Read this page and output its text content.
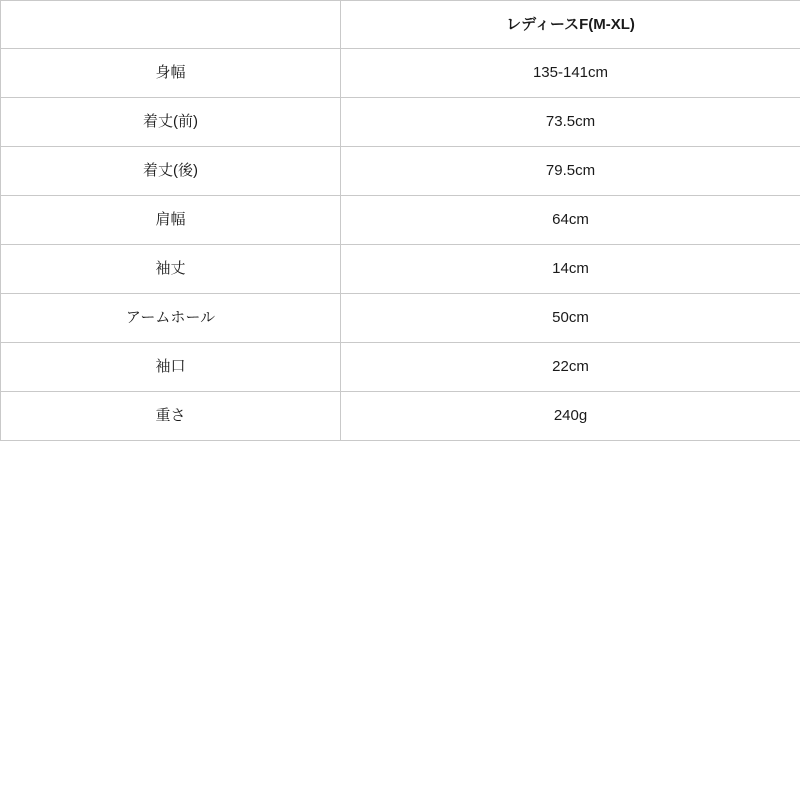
	レディースF(M-XL)
身幅	135-141cm
着丈(前)	73.5cm
着丈(後)	79.5cm
肩幅	64cm
袖丈	14cm
アームホール	50cm
袖口	22cm
重さ	240g
